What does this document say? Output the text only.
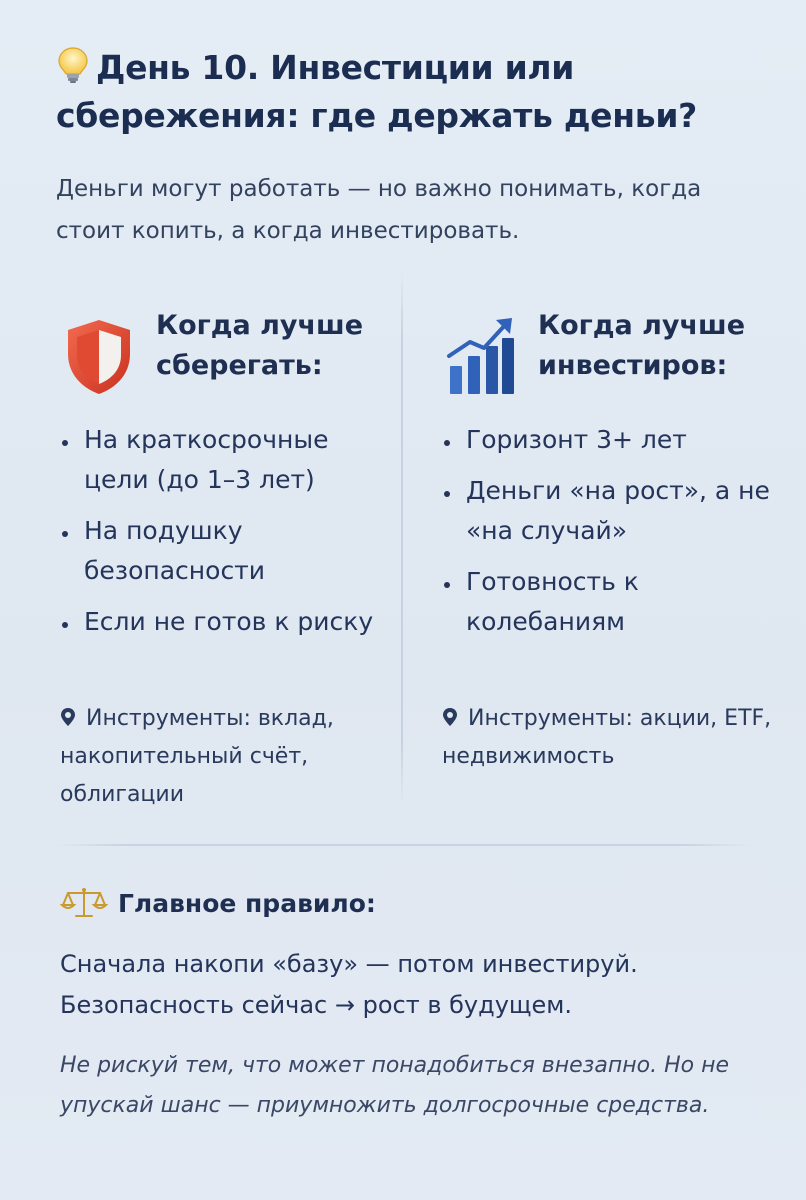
День 10. Инвестиции или сбережения: где держать деньи?

Деньги могут работать — но важно понимать, когда стоит копить, а когда инвестировать.

Когда лучше сберегать:
На краткосрочные цели (до 1–3 лет)
На подушку безопасности
Если не готов к риску
Инструменты: вклад, накопительный счёт, облигации
Когда лучше инвестиров:
Горизонт 3+ лет
Деньги «на рост», а не «на случай»
Готовность к колебаниям
Инструменты: акции, ETF, недвижимость
Главное правило:

Сначала накопи «базу» — потом инвестируй. Безопасность сейчас → рост в будущем.

Не рискуй тем, что может понадобиться внезапно. Но не упускай шанс — приумножить долгосрочные средства.
